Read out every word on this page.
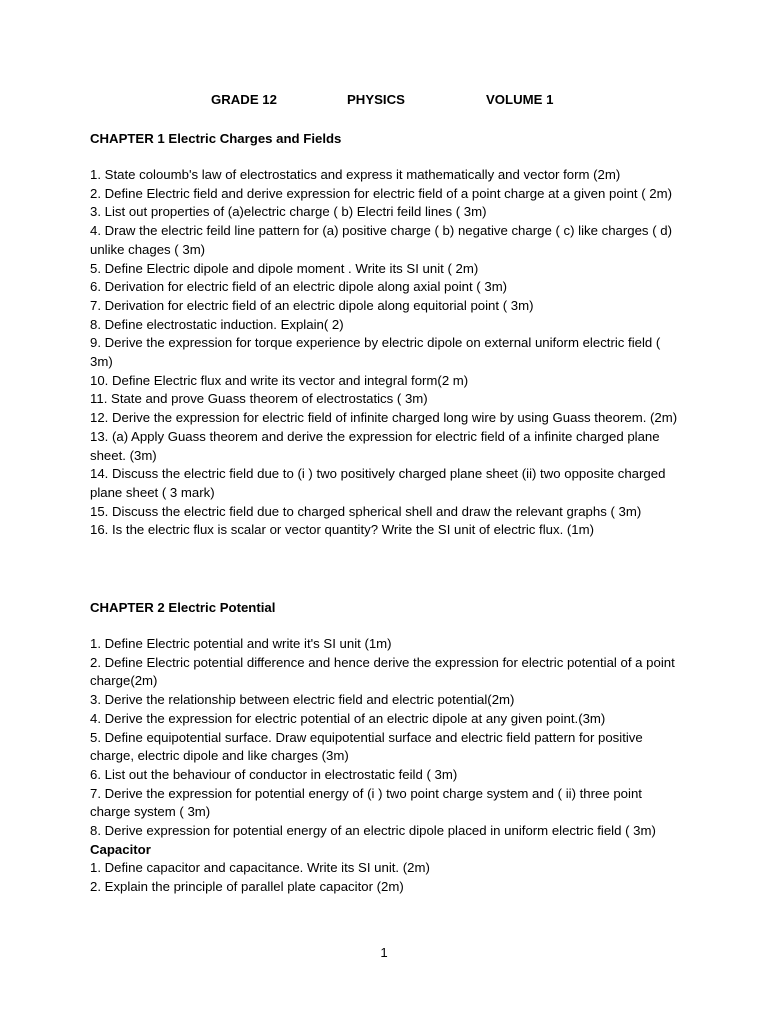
GRADE 12	PHYSICS	VOLUME 1
CHAPTER 1 Electric Charges and Fields
1. State coloumb's law of electrostatics and express it mathematically and vector form (2m)
2. Define Electric field and derive expression for electric field of a point charge at a given point ( 2m)
3. List out properties of (a)electric charge ( b) Electri feild lines ( 3m)
4. Draw the electric feild line pattern for (a) positive charge ( b) negative charge ( c) like charges ( d) unlike chages ( 3m)
5. Define Electric dipole and dipole moment . Write its SI unit ( 2m)
6. Derivation for electric field of an electric dipole along axial point ( 3m)
7. Derivation for electric field of an electric dipole along equitorial point ( 3m)
8. Define electrostatic induction. Explain( 2)
9. Derive the expression for torque experience by electric dipole on external uniform electric field ( 3m)
10. Define Electric flux and write its vector and integral form(2 m)
11. State and prove Guass theorem of electrostatics ( 3m)
12. Derive the expression for electric field of infinite charged long wire by using Guass theorem. (2m)
13. (a) Apply Guass theorem and derive the expression for electric field of a infinite charged plane sheet. (3m)
14. Discuss the electric field due to (i ) two positively charged plane sheet (ii) two opposite charged plane sheet ( 3 mark)
15. Discuss the electric field due to charged spherical shell and draw the relevant graphs ( 3m)
16. Is the electric flux is scalar or vector quantity? Write the SI unit of electric flux. (1m)
CHAPTER 2 Electric Potential
1. Define Electric potential and write it's SI unit (1m)
2. Define Electric potential difference and hence derive the expression for electric potential of a point charge(2m)
3. Derive the relationship between electric field and electric potential(2m)
4. Derive the expression for electric potential of an electric dipole at any given point.(3m)
5. Define equipotential surface. Draw equipotential surface and electric field pattern for positive charge, electric dipole and like charges (3m)
6. List out the behaviour of conductor in electrostatic feild ( 3m)
7. Derive the expression for potential energy of (i ) two point charge system and ( ii) three point charge system ( 3m)
8. Derive expression for potential energy of an electric dipole placed in uniform electric field ( 3m)
Capacitor
1. Define capacitor and capacitance. Write its SI unit. (2m)
2. Explain the principle of parallel plate capacitor (2m)
1
